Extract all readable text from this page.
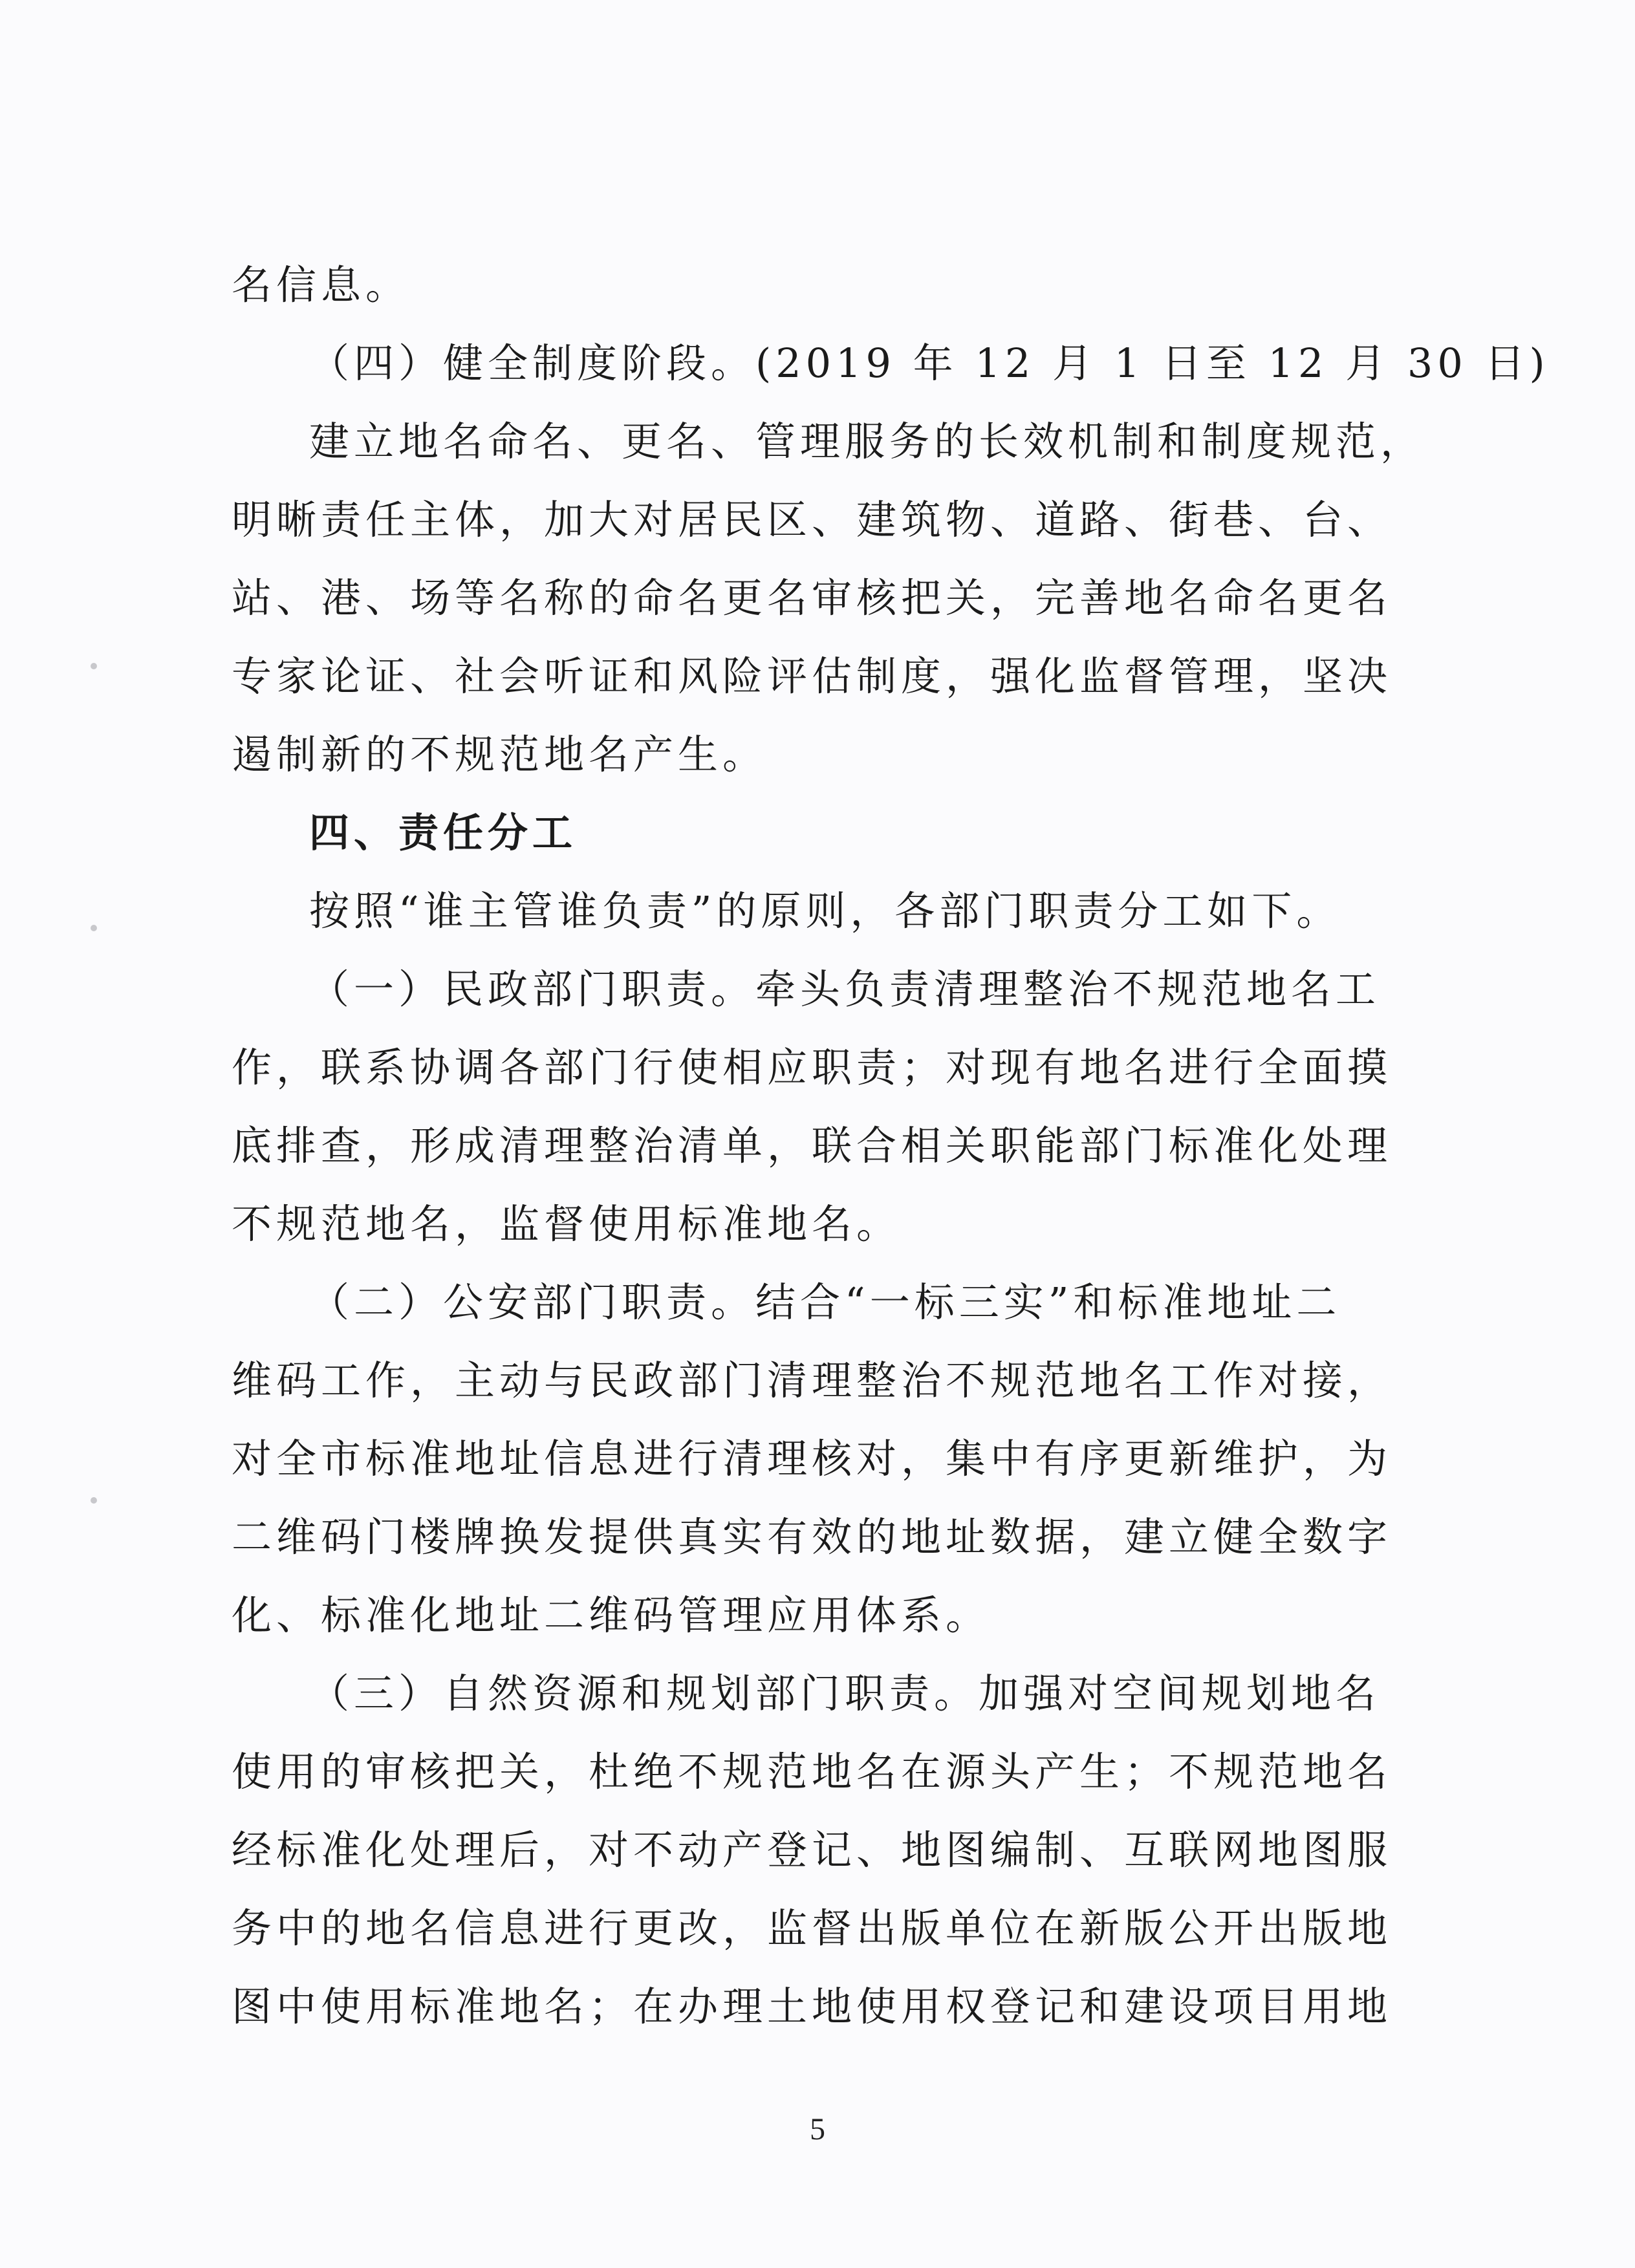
名信息。
（四）健全制度阶段。(2019 年 12 月 1 日至 12 月 30 日)
建立地名命名、更名、管理服务的长效机制和制度规范，
明晰责任主体，加大对居民区、建筑物、道路、街巷、台、
站、港、场等名称的命名更名审核把关，完善地名命名更名
专家论证、社会听证和风险评估制度，强化监督管理，坚决
遏制新的不规范地名产生。
四、责任分工
按照“谁主管谁负责”的原则，各部门职责分工如下。
（一）民政部门职责。牵头负责清理整治不规范地名工
作，联系协调各部门行使相应职责；对现有地名进行全面摸
底排查，形成清理整治清单，联合相关职能部门标准化处理
不规范地名，监督使用标准地名。
（二）公安部门职责。结合“一标三实”和标准地址二
维码工作，主动与民政部门清理整治不规范地名工作对接，
对全市标准地址信息进行清理核对，集中有序更新维护，为
二维码门楼牌换发提供真实有效的地址数据，建立健全数字
化、标准化地址二维码管理应用体系。
（三）自然资源和规划部门职责。加强对空间规划地名
使用的审核把关，杜绝不规范地名在源头产生；不规范地名
经标准化处理后，对不动产登记、地图编制、互联网地图服
务中的地名信息进行更改，监督出版单位在新版公开出版地
图中使用标准地名；在办理土地使用权登记和建设项目用地
5
